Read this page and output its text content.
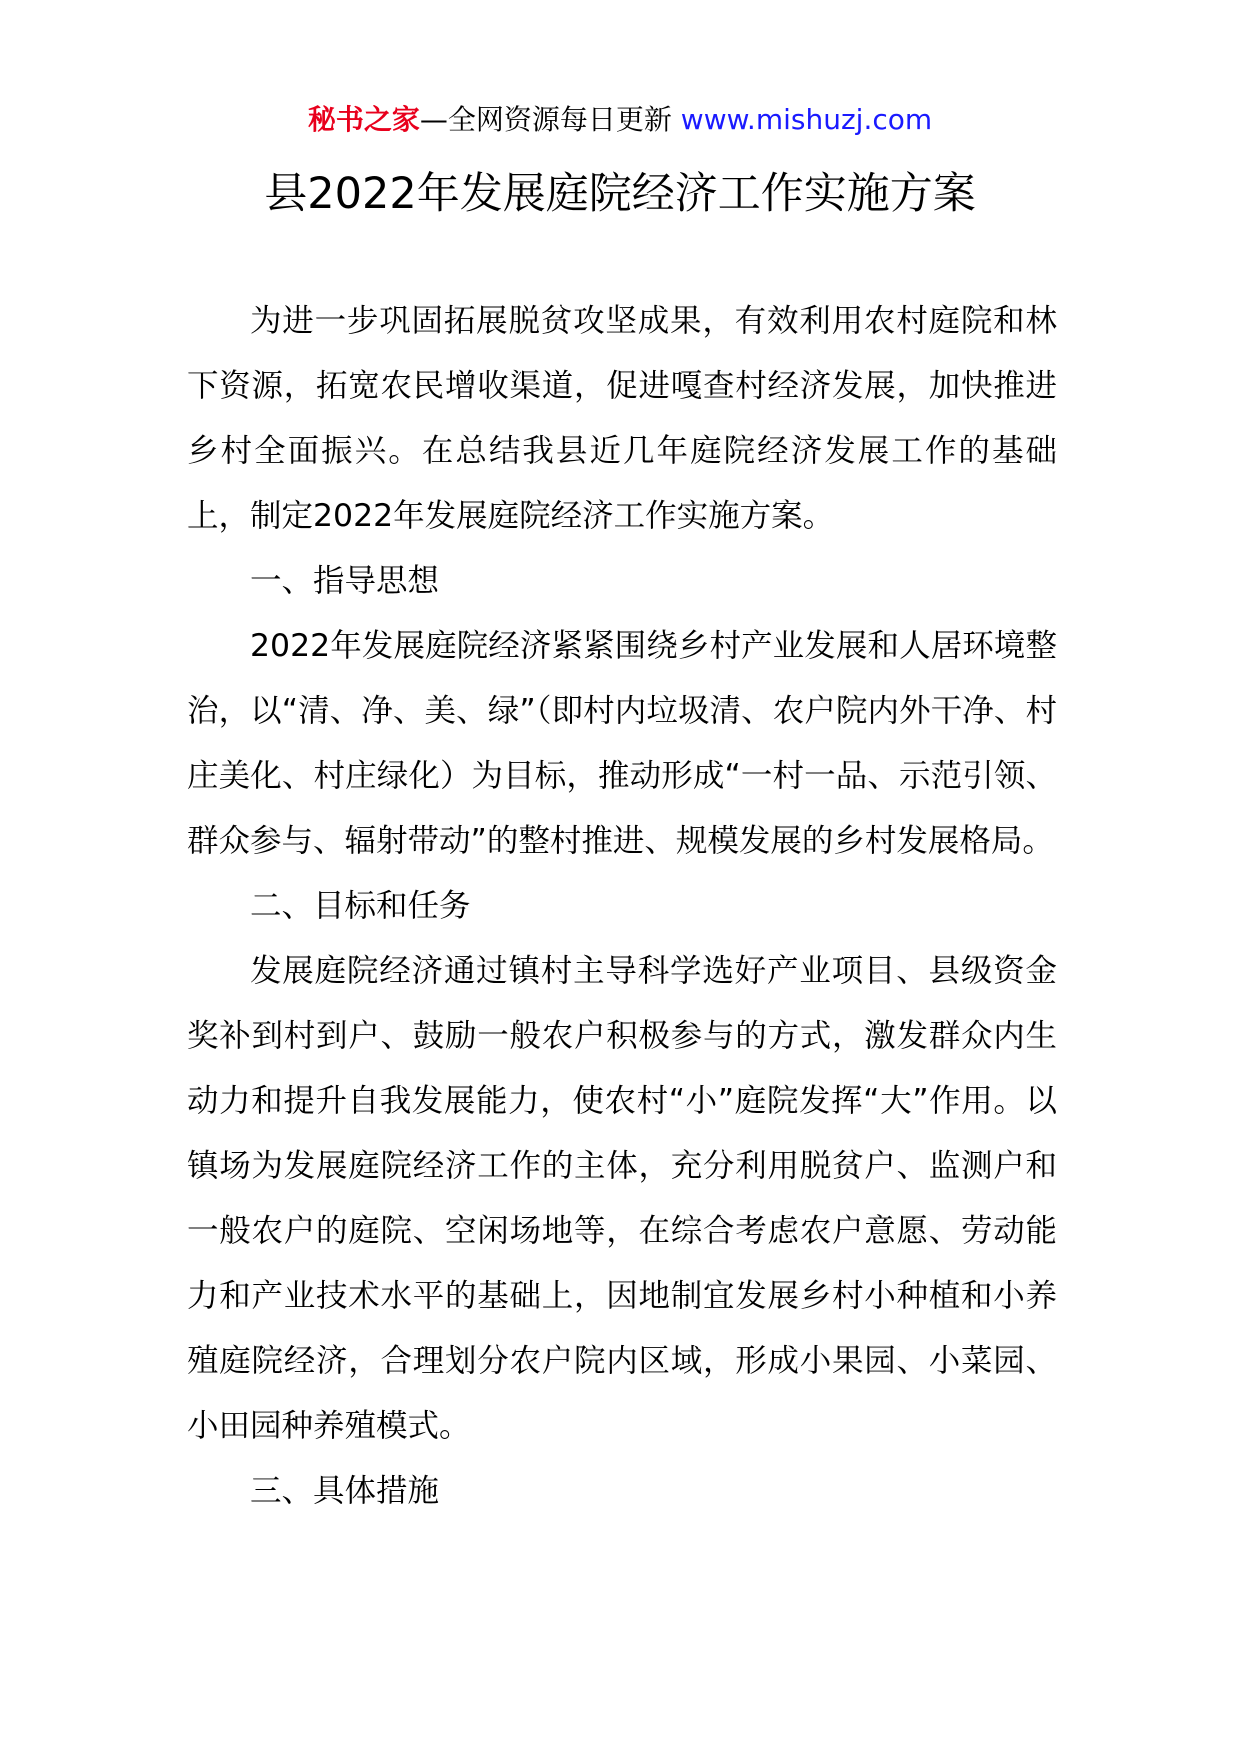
秘书之家—全网资源每日更新 www.mishuzj.com
县2022年发展庭院经济工作实施方案

为进一步巩固拓展脱贫攻坚成果，有效利用农村庭院和林下资源，拓宽农民增收渠道，促进嘎查村经济发展，加快推进乡村全面振兴。在总结我县近几年庭院经济发展工作的基础上，制定2022年发展庭院经济工作实施方案。

一、指导思想

2022年发展庭院经济紧紧围绕乡村产业发展和人居环境整治，以“清、净、美、绿”（即村内垃圾清、农户院内外干净、村庄美化、村庄绿化）为目标，推动形成“一村一品、示范引领、群众参与、辐射带动”的整村推进、规模发展的乡村发展格局。

二、目标和任务

发展庭院经济通过镇村主导科学选好产业项目、县级资金奖补到村到户、鼓励一般农户积极参与的方式，激发群众内生动力和提升自我发展能力，使农村“小”庭院发挥“大”作用。以镇场为发展庭院经济工作的主体，充分利用脱贫户、监测户和一般农户的庭院、空闲场地等，在综合考虑农户意愿、劳动能力和产业技术水平的基础上，因地制宜发展乡村小种植和小养殖庭院经济，合理划分农户院内区域，形成小果园、小菜园、小田园种养殖模式。

三、具体措施
